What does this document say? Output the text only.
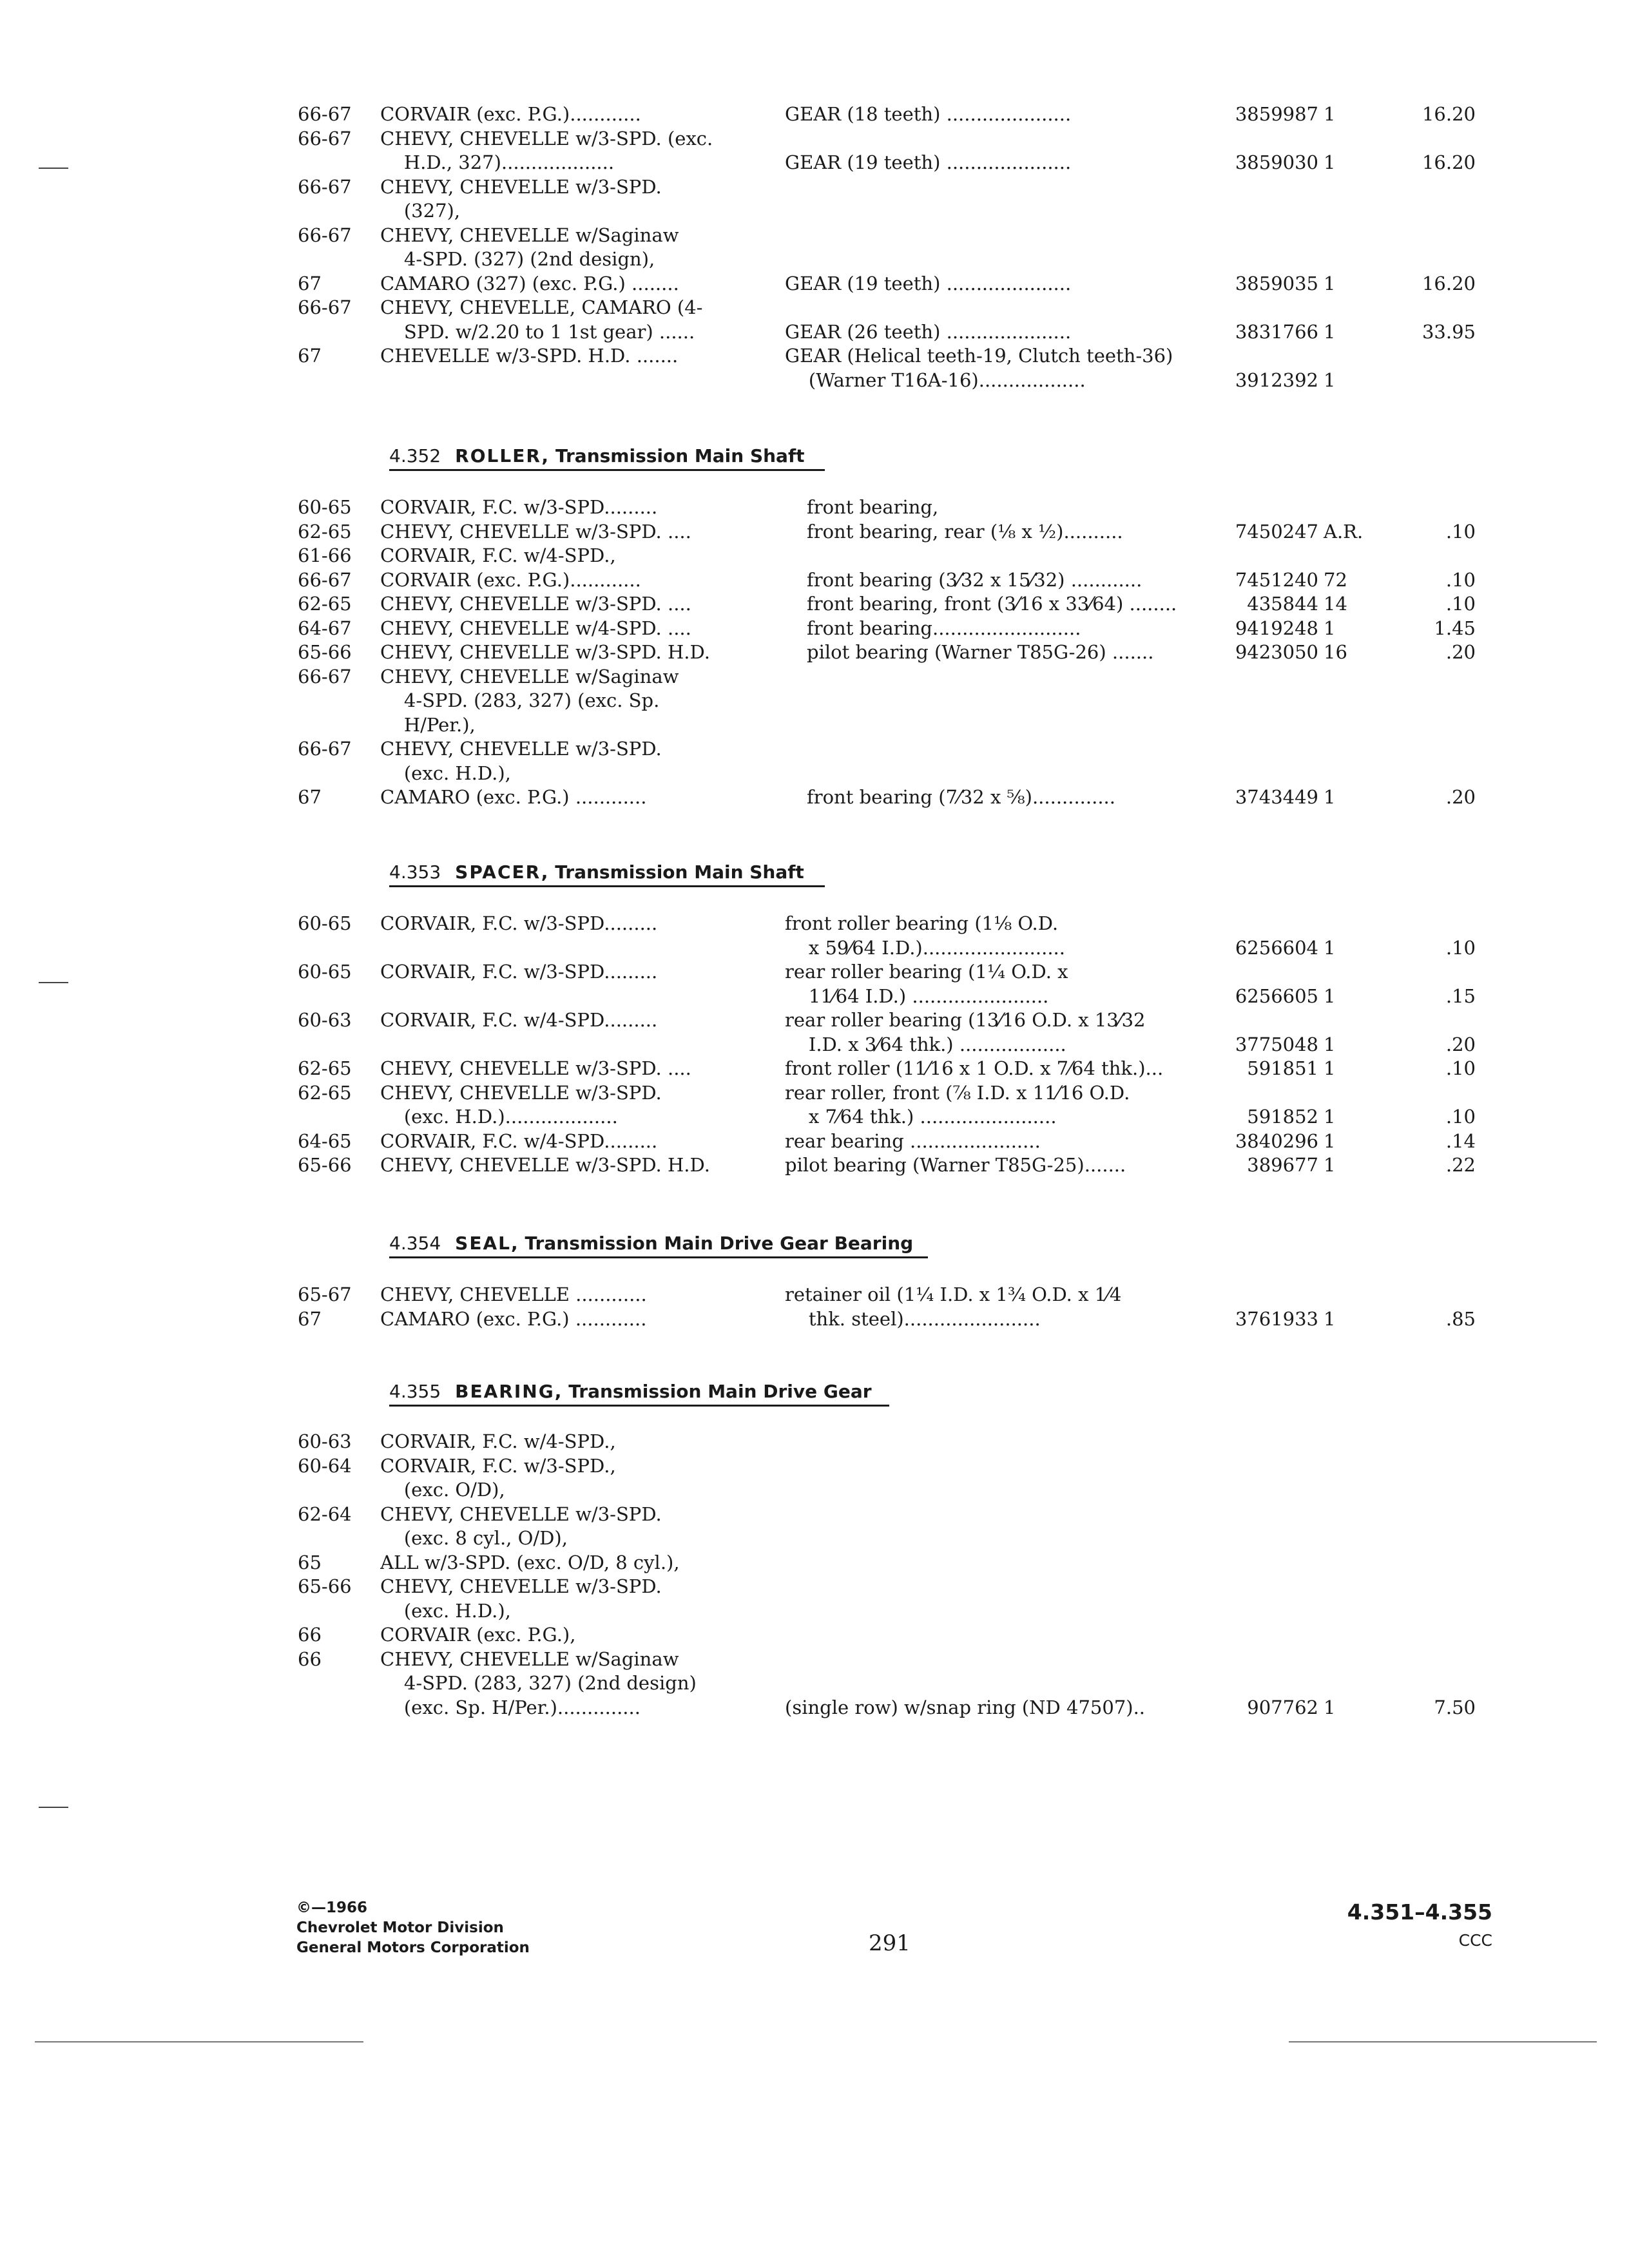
66-67 CORVAIR (exc. P.G.)............	GEAR (18 teeth) .....................	3859987 1	16.20
66-67 CHEVY, CHEVELLE w/3-SPD. (exc.
H.D., 327)...................	GEAR (19 teeth) .....................	3859030 1	16.20
66-67 CHEVY, CHEVELLE w/3-SPD.
(327),
66-67 CHEVY, CHEVELLE w/Saginaw
4-SPD. (327) (2nd design),
67	CAMARO (327) (exc. P.G.) ........	GEAR (19 teeth) .....................	3859035 1	16.20
66-67 CHEVY, CHEVELLE, CAMARO (4-
SPD. w/2.20 to 1 1st gear) ......	GEAR (26 teeth) .....................	3831766 1	33.95
67	CHEVELLE w/3-SPD. H.D. .......	GEAR (Helical teeth-19, Clutch teeth-36)
(Warner T16A-16)..................	3912392 1
4.352 ROLLER, Transmission Main Shaft
60-65 CORVAIR, F.C. w/3-SPD.........	front bearing,
62-65 CHEVY, CHEVELLE w/3-SPD. ....	front bearing, rear (⅛ x ½)..........	7450247 A.R.	.10
61-66 CORVAIR, F.C. w/4-SPD.,
66-67 CORVAIR (exc. P.G.)............	front bearing (3⁄32 x 15⁄32) ............	7451240 72	.10
62-65 CHEVY, CHEVELLE w/3-SPD. ....	front bearing, front (3⁄16 x 33⁄64) ........	435844 14	.10
64-67 CHEVY, CHEVELLE w/4-SPD. ....	front bearing.........................	9419248 1	1.45
65-66 CHEVY, CHEVELLE w/3-SPD. H.D.	pilot bearing (Warner T85G-26) .......	9423050 16	.20
66-67 CHEVY, CHEVELLE w/Saginaw
4-SPD. (283, 327) (exc. Sp.
H/Per.),
66-67 CHEVY, CHEVELLE w/3-SPD.
(exc. H.D.),
67	CAMARO (exc. P.G.) ............	front bearing (7⁄32 x ⅝)..............	3743449 1	.20
4.353 SPACER, Transmission Main Shaft
60-65 CORVAIR, F.C. w/3-SPD.........	front roller bearing (1⅛ O.D.
x 59⁄64 I.D.)........................	6256604 1	.10
60-65 CORVAIR, F.C. w/3-SPD.........	rear roller bearing (1¼ O.D. x
11⁄64 I.D.) .......................	6256605 1	.15
60-63 CORVAIR, F.C. w/4-SPD.........	rear roller bearing (13⁄16 O.D. x 13⁄32
I.D. x 3⁄64 thk.) ..................	3775048 1	.20
62-65 CHEVY, CHEVELLE w/3-SPD. ....	front roller (11⁄16 x 1 O.D. x 7⁄64 thk.)...	591851 1	.10
62-65 CHEVY, CHEVELLE w/3-SPD.	rear roller, front (⅞ I.D. x 11⁄16 O.D.
(exc. H.D.)...................	x 7⁄64 thk.) .......................	591852 1	.10
64-65 CORVAIR, F.C. w/4-SPD.........	rear bearing ......................	3840296 1	.14
65-66 CHEVY, CHEVELLE w/3-SPD. H.D.	pilot bearing (Warner T85G-25).......	389677 1	.22
4.354 SEAL, Transmission Main Drive Gear Bearing
65-67 CHEVY, CHEVELLE ............	retainer oil (1¼ I.D. x 1¾ O.D. x 1⁄4
67	CAMARO (exc. P.G.) ............	thk. steel).......................	3761933 1	.85
4.355 BEARING, Transmission Main Drive Gear
60-63 CORVAIR, F.C. w/4-SPD.,
60-64 CORVAIR, F.C. w/3-SPD.,
(exc. O/D),
62-64 CHEVY, CHEVELLE w/3-SPD.
(exc. 8 cyl., O/D),
65	ALL w/3-SPD. (exc. O/D, 8 cyl.),
65-66 CHEVY, CHEVELLE w/3-SPD.
(exc. H.D.),
66	CORVAIR (exc. P.G.),
66	CHEVY, CHEVELLE w/Saginaw
4-SPD. (283, 327) (2nd design)
(exc. Sp. H/Per.)..............	(single row) w/snap ring (ND 47507)..	907762 1	7.50
©—1966
Chevrolet Motor Division
General Motors Corporation	291
4.351–4.355
CCC
